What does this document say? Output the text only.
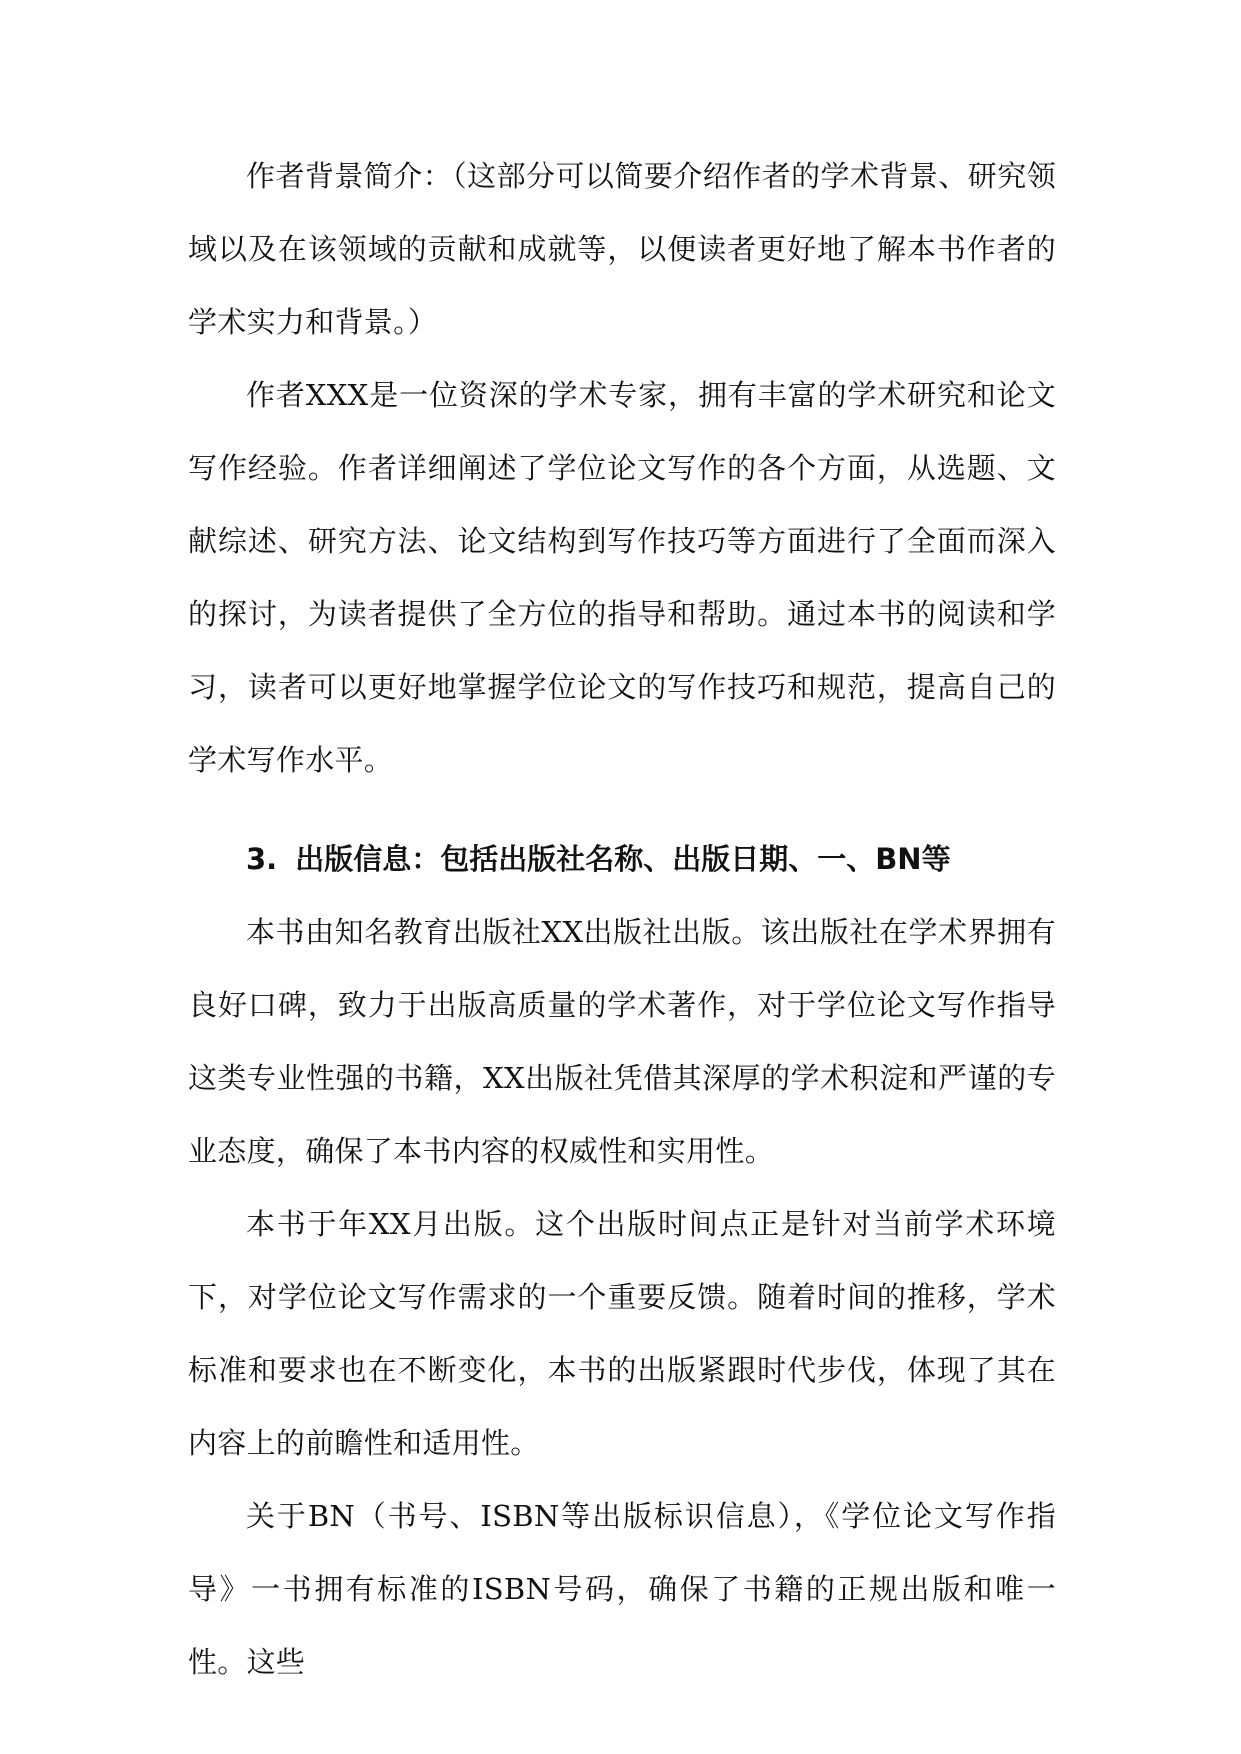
作者背景简介：（这部分可以简要介绍作者的学术背景、研究领域以及在该领域的贡献和成就等，以便读者更好地了解本书作者的学术实力和背景。）

作者XXX是一位资深的学术专家，拥有丰富的学术研究和论文写作经验。作者详细阐述了学位论文写作的各个方面，从选题、文献综述、研究方法、论文结构到写作技巧等方面进行了全面而深入的探讨，为读者提供了全方位的指导和帮助。通过本书的阅读和学习，读者可以更好地掌握学位论文的写作技巧和规范，提高自己的学术写作水平。

3. 出版信息：包括出版社名称、出版日期、一、BN等

本书由知名教育出版社XX出版社出版。该出版社在学术界拥有良好口碑，致力于出版高质量的学术著作，对于学位论文写作指导这类专业性强的书籍，XX出版社凭借其深厚的学术积淀和严谨的专业态度，确保了本书内容的权威性和实用性。

本书于年XX月出版。这个出版时间点正是针对当前学术环境下，对学位论文写作需求的一个重要反馈。随着时间的推移，学术标准和要求也在不断变化，本书的出版紧跟时代步伐，体现了其在内容上的前瞻性和适用性。

关于BN（书号、ISBN等出版标识信息），《学位论文写作指导》一书拥有标准的ISBN号码，确保了书籍的正规出版和唯一性。这些
